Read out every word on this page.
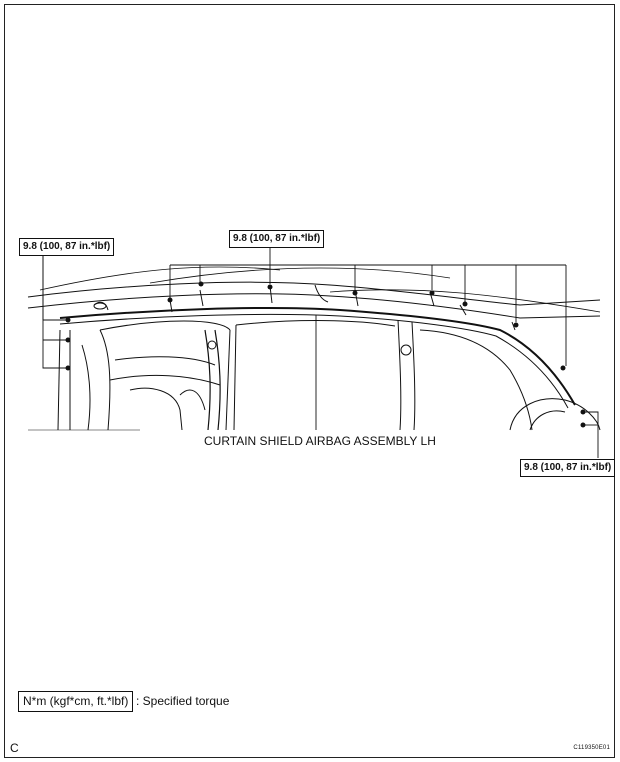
9.8 (100, 87 in.*lbf)
9.8 (100, 87 in.*lbf)
9.8 (100, 87 in.*lbf)
CURTAIN SHIELD AIRBAG ASSEMBLY LH
N*m (kgf*cm, ft.*lbf) : Specified torque
C	C119350E01
